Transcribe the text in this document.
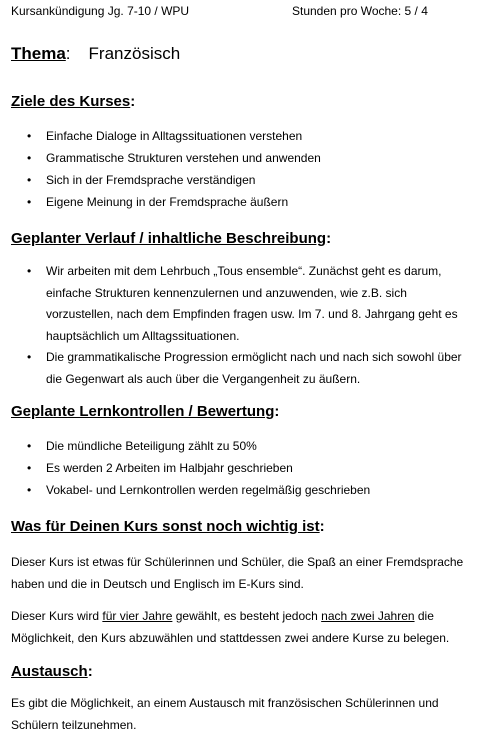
Kursankündigung Jg. 7-10 / WPU	Stunden pro Woche: 5 / 4
Thema: Französisch
Ziele des Kurses:
• Einfache Dialoge in Alltagssituationen verstehen
• Grammatische Strukturen verstehen und anwenden
• Sich in der Fremdsprache verständigen
• Eigene Meinung in der Fremdsprache äußern
Geplanter Verlauf / inhaltliche Beschreibung:
• Wir arbeiten mit dem Lehrbuch „Tous ensemble“. Zunächst geht es darum, einfache Strukturen kennenzulernen und anzuwenden, wie z.B. sich vorzustellen, nach dem Empfinden fragen usw. Im 7. und 8. Jahrgang geht es hauptsächlich um Alltagssituationen.
• Die grammatikalische Progression ermöglicht nach und nach sich sowohl über die Gegenwart als auch über die Vergangenheit zu äußern.
Geplante Lernkontrollen / Bewertung:
• Die mündliche Beteiligung zählt zu 50%
• Es werden 2 Arbeiten im Halbjahr geschrieben
• Vokabel- und Lernkontrollen werden regelmäßig geschrieben
Was für Deinen Kurs sonst noch wichtig ist:

Dieser Kurs ist etwas für Schülerinnen und Schüler, die Spaß an einer Fremdsprache haben und die in Deutsch und Englisch im E-Kurs sind.

Dieser Kurs wird für vier Jahre gewählt, es besteht jedoch nach zwei Jahren die Möglichkeit, den Kurs abzuwählen und stattdessen zwei andere Kurse zu belegen.

Austausch:

Es gibt die Möglichkeit, an einem Austausch mit französischen Schülerinnen und Schülern teilzunehmen.
